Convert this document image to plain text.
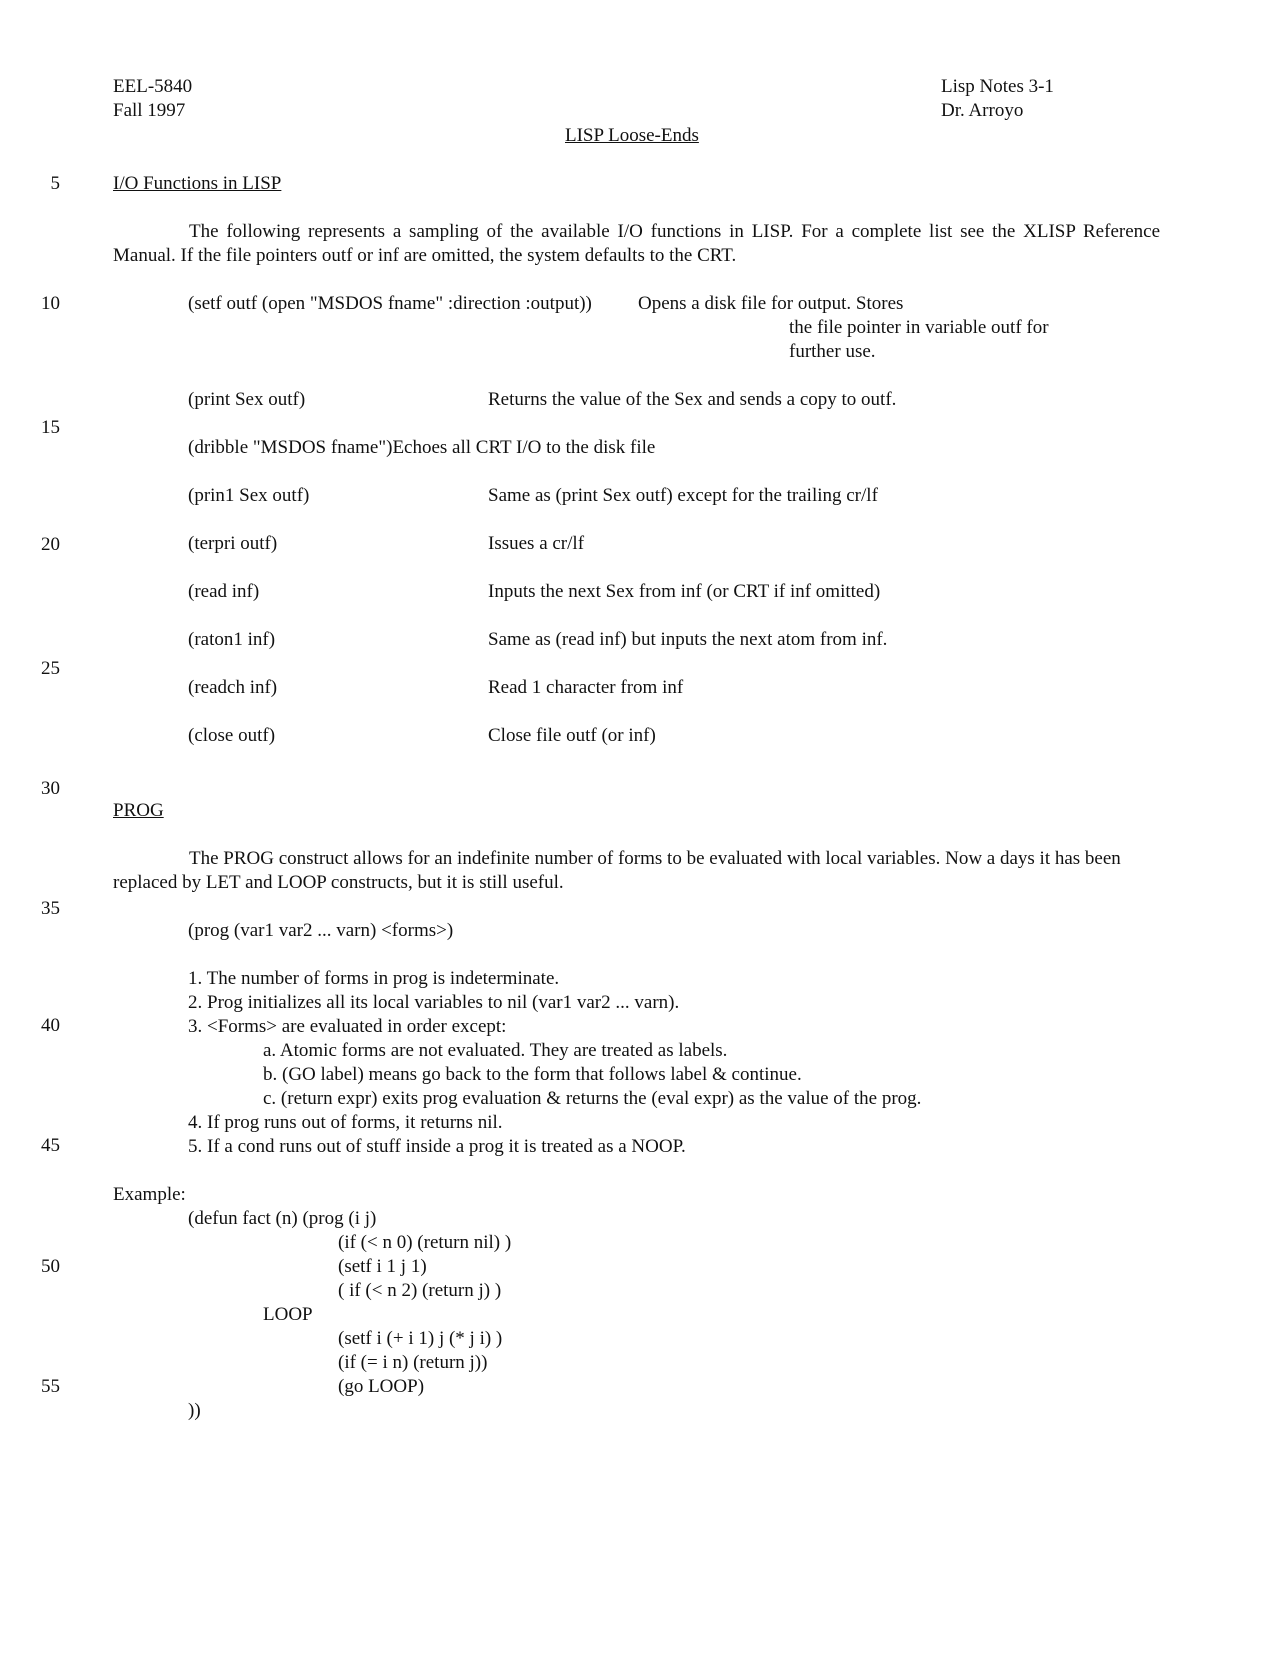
EEL-5840
Fall 1997
Lisp Notes 3-1
Dr. Arroyo
LISP Loose-Ends
5
10
15
20
25
30
35
40
45
50
55
I/O Functions in LISP
The following represents a sampling of the available I/O functions in LISP. For a complete list see the XLISP Reference Manual. If the file pointers outf or inf are omitted, the system defaults to the CRT.
(setf outf (open "MSDOS fname" :direction :output)) Opens a disk file for output. Stores
the file pointer in variable outf for
further use.
(print Sex outf)	Returns the value of the Sex and sends a copy to outf.
(dribble "MSDOS fname")Echoes all CRT I/O to the disk file
(prin1 Sex outf)	Same as (print Sex outf) except for the trailing cr/lf
(terpri outf)	Issues a cr/lf
(read inf)	Inputs the next Sex from inf (or CRT if inf omitted)
(raton1 inf)	Same as (read inf) but inputs the next atom from inf.
(readch inf)	Read 1 character from inf
(close outf)	Close file outf (or inf)
PROG
The PROG construct allows for an indefinite number of forms to be evaluated with local variables. Now a days it has been replaced by LET and LOOP constructs, but it is still useful.
(prog (var1 var2 ... varn) <forms>)
1. The number of forms in prog is indeterminate.
2. Prog initializes all its local variables to nil (var1 var2 ... varn).
3. <Forms> are evaluated in order except:
a. Atomic forms are not evaluated. They are treated as labels.
b. (GO label) means go back to the form that follows label & continue.
c. (return expr) exits prog evaluation & returns the (eval expr) as the value of the prog.
4. If prog runs out of forms, it returns nil.
5. If a cond runs out of stuff inside a prog it is treated as a NOOP.
Example:
(defun fact (n) (prog (i j)
(if (< n 0) (return nil) )
(setf i 1 j 1)
( if (< n 2) (return j) )
LOOP
(setf i (+ i 1) j (* j i) )
(if (= i n) (return j))
(go LOOP)
))
